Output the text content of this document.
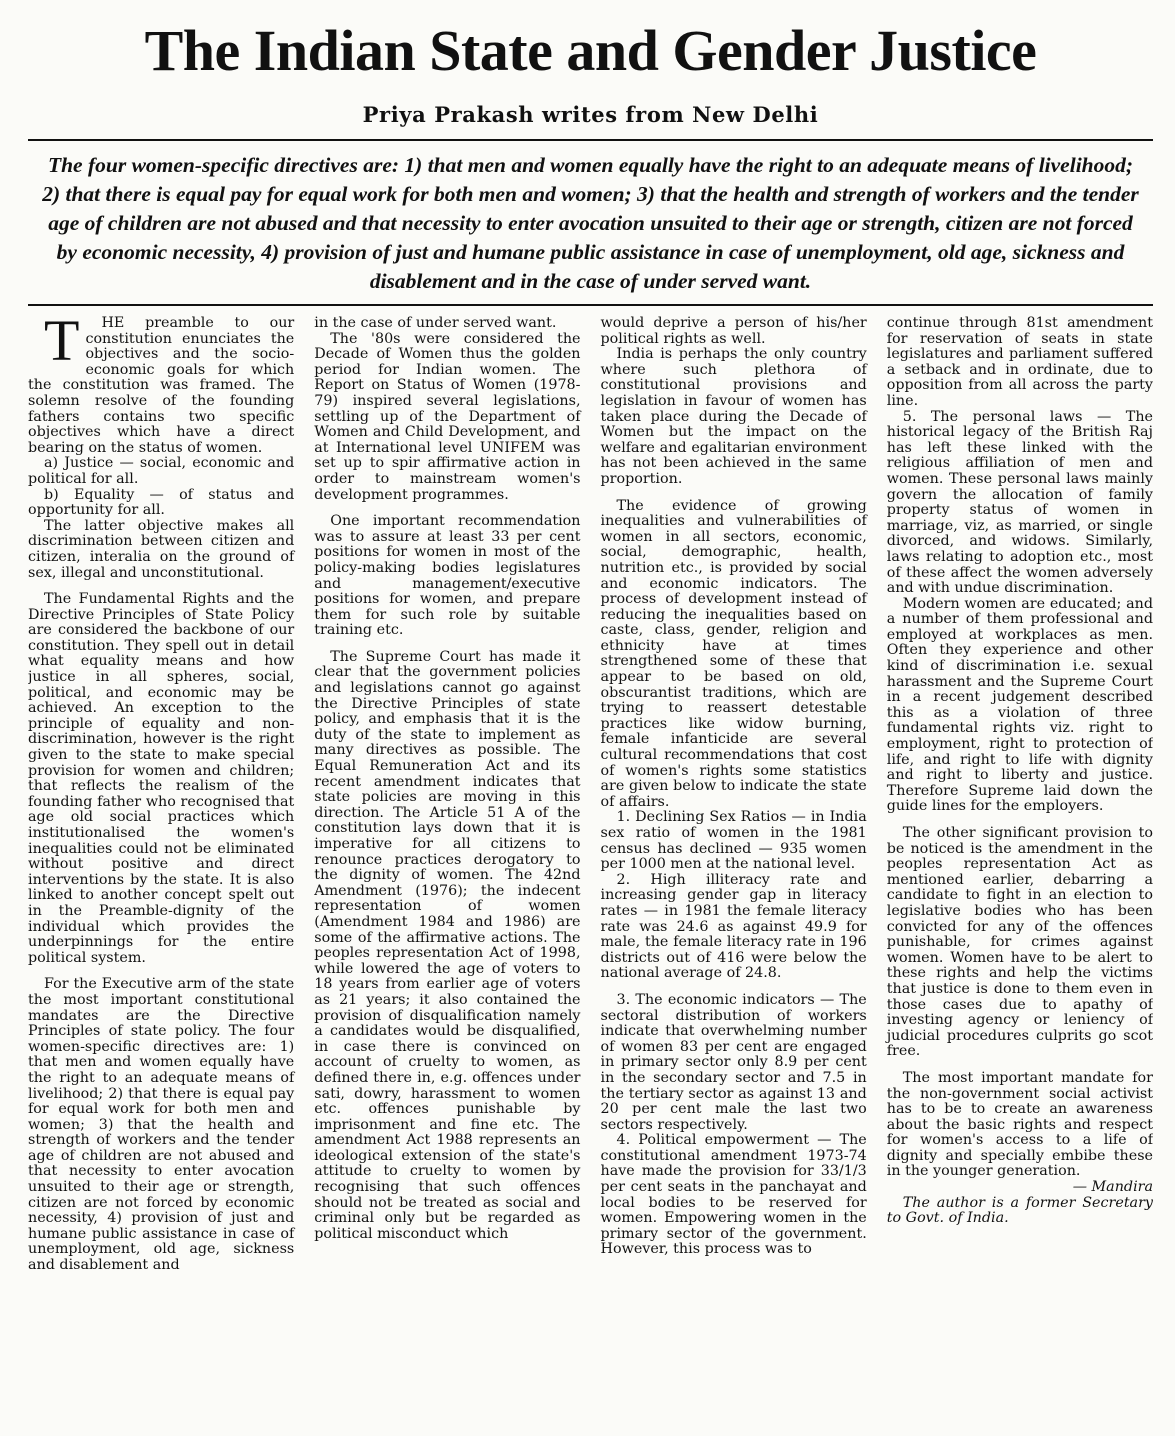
The Indian State and Gender Justice
Priya Prakash writes from New Delhi
The four women-specific directives are: 1) that men and women equally have the right to an adequate means of livelihood; 2) that there is equal pay for equal work for both men and women; 3) that the health and strength of workers and the tender age of children are not abused and that necessity to enter avocation unsuited to their age or strength, citizen are not forced by economic necessity, 4) provision of just and humane public assistance in case of unemployment, old age, sickness and disablement and in the case of under served want.

T HE preamble to our constitution enunciates the objectives and the socio-economic goals for which the constitution was framed. The solemn resolve of the founding fathers contains two specific objectives which have a direct bearing on the status of women.

a) Justice — social, economic and political for all.

b) Equality — of status and opportunity for all.

The latter objective makes all discrimination between citizen and citizen, interalia on the ground of sex, illegal and unconstitutional.

The Fundamental Rights and the Directive Principles of State Policy are considered the backbone of our constitution. They spell out in detail what equality means and how justice in all spheres, social, political, and economic may be achieved. An exception to the principle of equality and non-discrimination, however is the right given to the state to make special provision for women and children; that reflects the realism of the founding father who recognised that age old social practices which institutionalised the women's inequalities could not be eliminated without positive and direct interventions by the state. It is also linked to another concept spelt out in the Preamble-dignity of the individual which provides the underpinnings for the entire political system.

For the Executive arm of the state the most important constitutional mandates are the Directive Principles of state policy. The four women-specific directives are: 1) that men and women equally have the right to an adequate means of livelihood; 2) that there is equal pay for equal work for both men and women; 3) that the health and strength of workers and the tender age of children are not abused and that necessity to enter avocation unsuited to their age or strength, citizen are not forced by economic necessity, 4) provision of just and humane public assistance in case of unemployment, old age, sickness and disablement and

in the case of under served want.

The '80s were considered the Decade of Women thus the golden period for Indian women. The Report on Status of Women (1978-79) inspired several legislations, settling up of the Department of Women and Child Development, and at International level UNIFEM was set up to spir affirmative action in order to mainstream women's development programmes.

One important recommendation was to assure at least 33 per cent positions for women in most of the policy-making bodies legislatures and management/executive positions for women, and prepare them for such role by suitable training etc.

The Supreme Court has made it clear that the government policies and legislations cannot go against the Directive Principles of state policy, and emphasis that it is the duty of the state to implement as many directives as possible. The Equal Remuneration Act and its recent amendment indicates that state policies are moving in this direction. The Article 51 A of the constitution lays down that it is imperative for all citizens to renounce practices derogatory to the dignity of women. The 42nd Amendment (1976); the indecent representation of women (Amendment 1984 and 1986) are some of the affirmative actions. The peoples representation Act of 1998, while lowered the age of voters to 18 years from earlier age of voters as 21 years; it also contained the provision of disqualification namely a candidates would be disqualified, in case there is convinced on account of cruelty to women, as defined there in, e.g. offences under sati, dowry, harassment to women etc. offences punishable by imprisonment and fine etc. The amendment Act 1988 represents an ideological extension of the state's attitude to cruelty to women by recognising that such offences should not be treated as social and criminal only but be regarded as political misconduct which

would deprive a person of his/her political rights as well.

India is perhaps the only country where such plethora of constitutional provisions and legislation in favour of women has taken place during the Decade of Women but the impact on the welfare and egalitarian environment has not been achieved in the same proportion.

The evidence of growing inequalities and vulnerabilities of women in all sectors, economic, social, demographic, health, nutrition etc., is provided by social and economic indicators. The process of development instead of reducing the inequalities based on caste, class, gender, religion and ethnicity have at times strengthened some of these that appear to be based on old, obscurantist traditions, which are trying to reassert detestable practices like widow burning, female infanticide are several cultural recommendations that cost of women's rights some statistics are given below to indicate the state of affairs.

1. Declining Sex Ratios — in India sex ratio of women in the 1981 census has declined — 935 women per 1000 men at the national level.

2. High illiteracy rate and increasing gender gap in literacy rates — in 1981 the female literacy rate was 24.6 as against 49.9 for male, the female literacy rate in 196 districts out of 416 were below the national average of 24.8.

3. The economic indicators — The sectoral distribution of workers indicate that overwhelming number of women 83 per cent are engaged in primary sector only 8.9 per cent in the secondary sector and 7.5 in the tertiary sector as against 13 and 20 per cent male the last two sectors respectively.

4. Political empowerment — The constitutional amendment 1973-74 have made the provision for 33/1/3 per cent seats in the panchayat and local bodies to be reserved for women. Empowering women in the primary sector of the government. However, this process was to

continue through 81st amendment for reservation of seats in state legislatures and parliament suffered a setback and in ordinate, due to opposition from all across the party line.

5. The personal laws — The historical legacy of the British Raj has left these linked with the religious affiliation of men and women. These personal laws mainly govern the allocation of family property status of women in marriage, viz, as married, or single divorced, and widows. Similarly, laws relating to adoption etc., most of these affect the women adversely and with undue discrimination.

Modern women are educated; and a number of them professional and employed at workplaces as men. Often they experience and other kind of discrimination i.e. sexual harassment and the Supreme Court in a recent judgement described this as a violation of three fundamental rights viz. right to employment, right to protection of life, and right to life with dignity and right to liberty and justice. Therefore Supreme laid down the guide lines for the employers.

The other significant provision to be noticed is the amendment in the peoples representation Act as mentioned earlier, debarring a candidate to fight in an election to legislative bodies who has been convicted for any of the offences punishable, for crimes against women. Women have to be alert to these rights and help the victims that justice is done to them even in those cases due to apathy of investing agency or leniency of judicial procedures culprits go scot free.

The most important mandate for the non-government social activist has to be to create an awareness about the basic rights and respect for women's access to a life of dignity and specially embibe these in the younger generation.

— Mandira

The author is a former Secretary to Govt. of India.
